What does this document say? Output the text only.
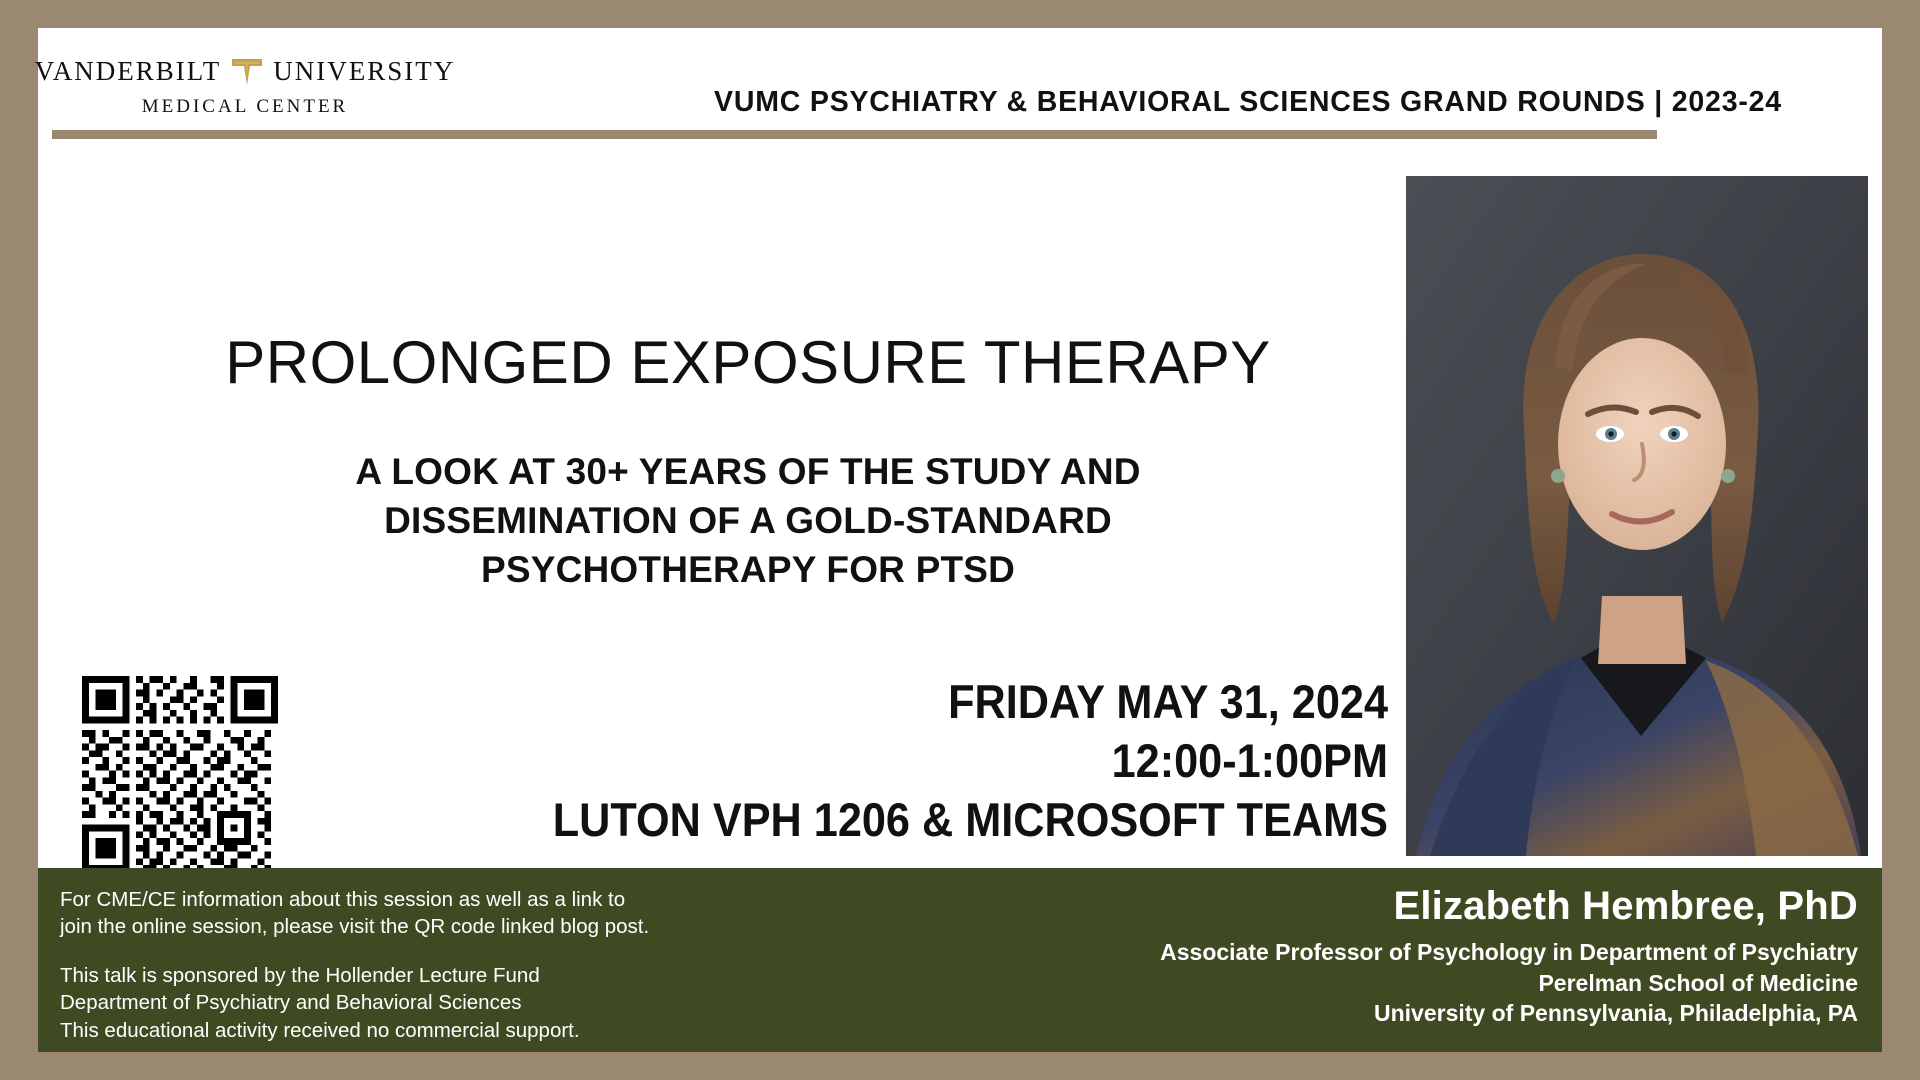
VANDERBILT UNIVERSITY
MEDICAL CENTER	VUMC PSYCHIATRY & BEHAVIORAL SCIENCES GRAND ROUNDS | 2023-24
PROLONGED EXPOSURE THERAPY
A LOOK AT 30+ YEARS OF THE STUDY AND
DISSEMINATION OF A GOLD-STANDARD
PSYCHOTHERAPY FOR PTSD
FRIDAY MAY 31, 2024
12:00-1:00PM
LUTON VPH 1206 & MICROSOFT TEAMS
For CME/CE information about this session as well as a link to
join the online session, please visit the QR code linked blog post.
This talk is sponsored by the Hollender Lecture Fund
Department of Psychiatry and Behavioral Sciences
This educational activity received no commercial support.
Elizabeth Hembree, PhD
Associate Professor of Psychology in Department of Psychiatry
Perelman School of Medicine
University of Pennsylvania, Philadelphia, PA
